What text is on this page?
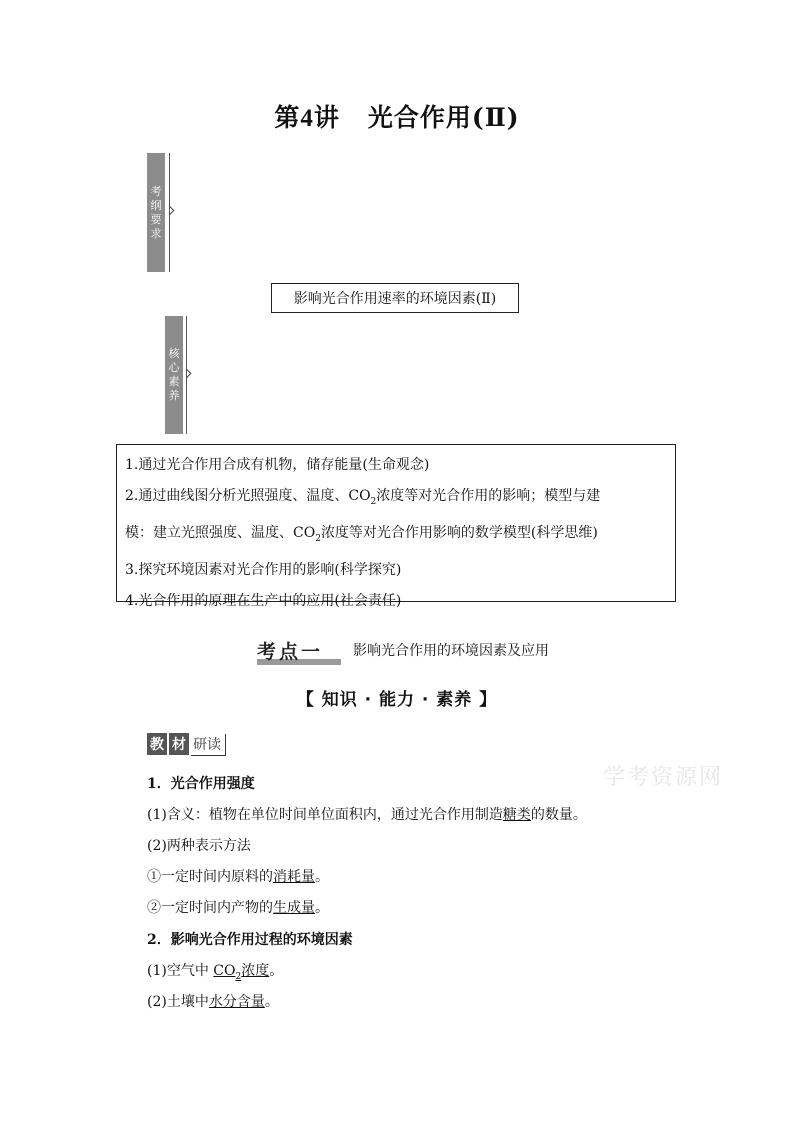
第4讲 光合作用(Ⅱ)
考
纲
要
求
影响光合作用速率的环境因素(Ⅱ)
核
心
素
养

1.通过光合作用合成有机物，储存能量(生命观念)

2.通过曲线图分析光照强度、温度、$CO_2$浓度等对光合作用的影响；模型与建

模：建立光照强度、温度、$CO_2$浓度等对光合作用影响的数学模型(科学思维)

3.探究环境因素对光合作用的影响(科学探究)

4.光合作用的原理在生产中的应用(社会责任)

考点一 影响光合作用的环境因素及应用
【 知识 · 能力 · 素养 】
教 材 研读
学考资源网
1．光合作用强度
(1)含义：植物在单位时间单位面积内，通过光合作用制造糖类的数量。
(2)两种表示方法
①一定时间内原料的消耗量。
②一定时间内产物的生成量。
2．影响光合作用过程的环境因素
(1)空气中 $CO_2$浓度。
(2)土壤中水分含量。
